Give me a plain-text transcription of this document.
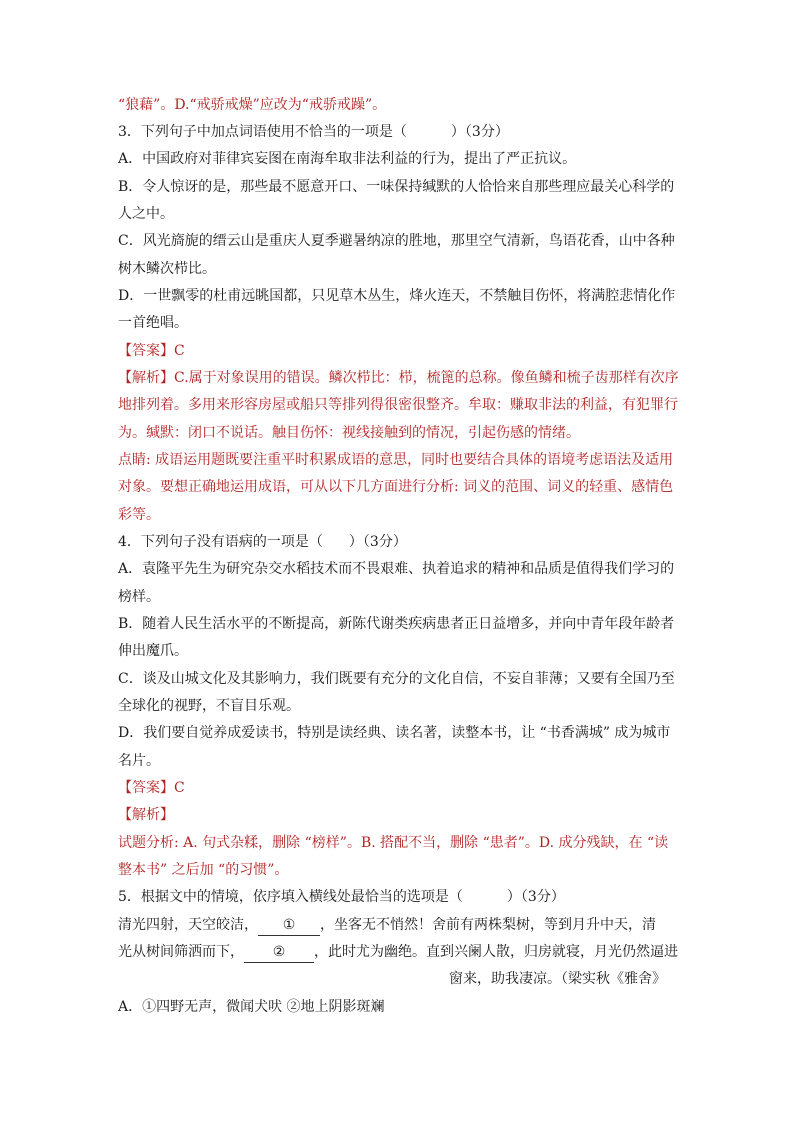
“狼藉”。D.“戒骄戒燥”应改为“戒骄戒躁”。
3．下列句子中加点词语使用不恰当的一项是（	）（3分）
A．中国政府对菲律宾妄图在南海牟取非法利益的行为，提出了严正抗议。
B．令人惊讶的是，那些最不愿意开口、一味保持缄默的人恰恰来自那些理应最关心科学的
人之中。
C．风光旖旎的缙云山是重庆人夏季避暑纳凉的胜地，那里空气清新，鸟语花香，山中各种
树木鳞次栉比。
D．一世飘零的杜甫远眺国都，只见草木丛生，烽火连天，不禁触目伤怀，将满腔悲情化作
一首绝唱。
【答案】C
【解析】C.属于对象误用的错误。鳞次栉比：栉，梳篦的总称。像鱼鳞和梳子齿那样有次序
地排列着。多用来形容房屋或船只等排列得很密很整齐。牟取：赚取非法的利益，有犯罪行
为。缄默：闭口不说话。触目伤怀：视线接触到的情况，引起伤感的情绪。
点睛: 成语运用题既要注重平时积累成语的意思，同时也要结合具体的语境考虑语法及适用
对象。要想正确地运用成语，可从以下几方面进行分析: 词义的范围、词义的轻重、感情色
彩等。
4．下列句子没有语病的一项是（ ）（3分）
A．袁隆平先生为研究杂交水稻技术而不畏艰难、执着追求的精神和品质是值得我们学习的
榜样。
B．随着人民生活水平的不断提高，新陈代谢类疾病患者正日益增多，并向中青年段年龄者
伸出魔爪。
C．谈及山城文化及其影响力，我们既要有充分的文化自信，不妄自菲薄；又要有全国乃至
全球化的视野，不盲目乐观。
D．我们要自觉养成爱读书，特别是读经典、读名著，读整本书，让 “书香满城” 成为城市
名片。
【答案】C
【解析】
试题分析: A. 句式杂糅，删除 “榜样”。B. 搭配不当，删除 “患者”。D. 成分残缺，在 “读
整本书” 之后加 “的习惯”。
5．根据文中的情境，依序填入横线处最恰当的选项是（	）（3分）
清光四射，天空皎洁， ① ，坐客无不悄然！舍前有两株梨树，等到月升中天，清
光从树间筛洒而下， ② ，此时尤为幽绝。直到兴阑人散，归房就寝，月光仍然逼进
窗来，助我凄凉。（梁实秋《雅舍》
A．①四野无声，微闻犬吠 ②地上阴影斑斓
